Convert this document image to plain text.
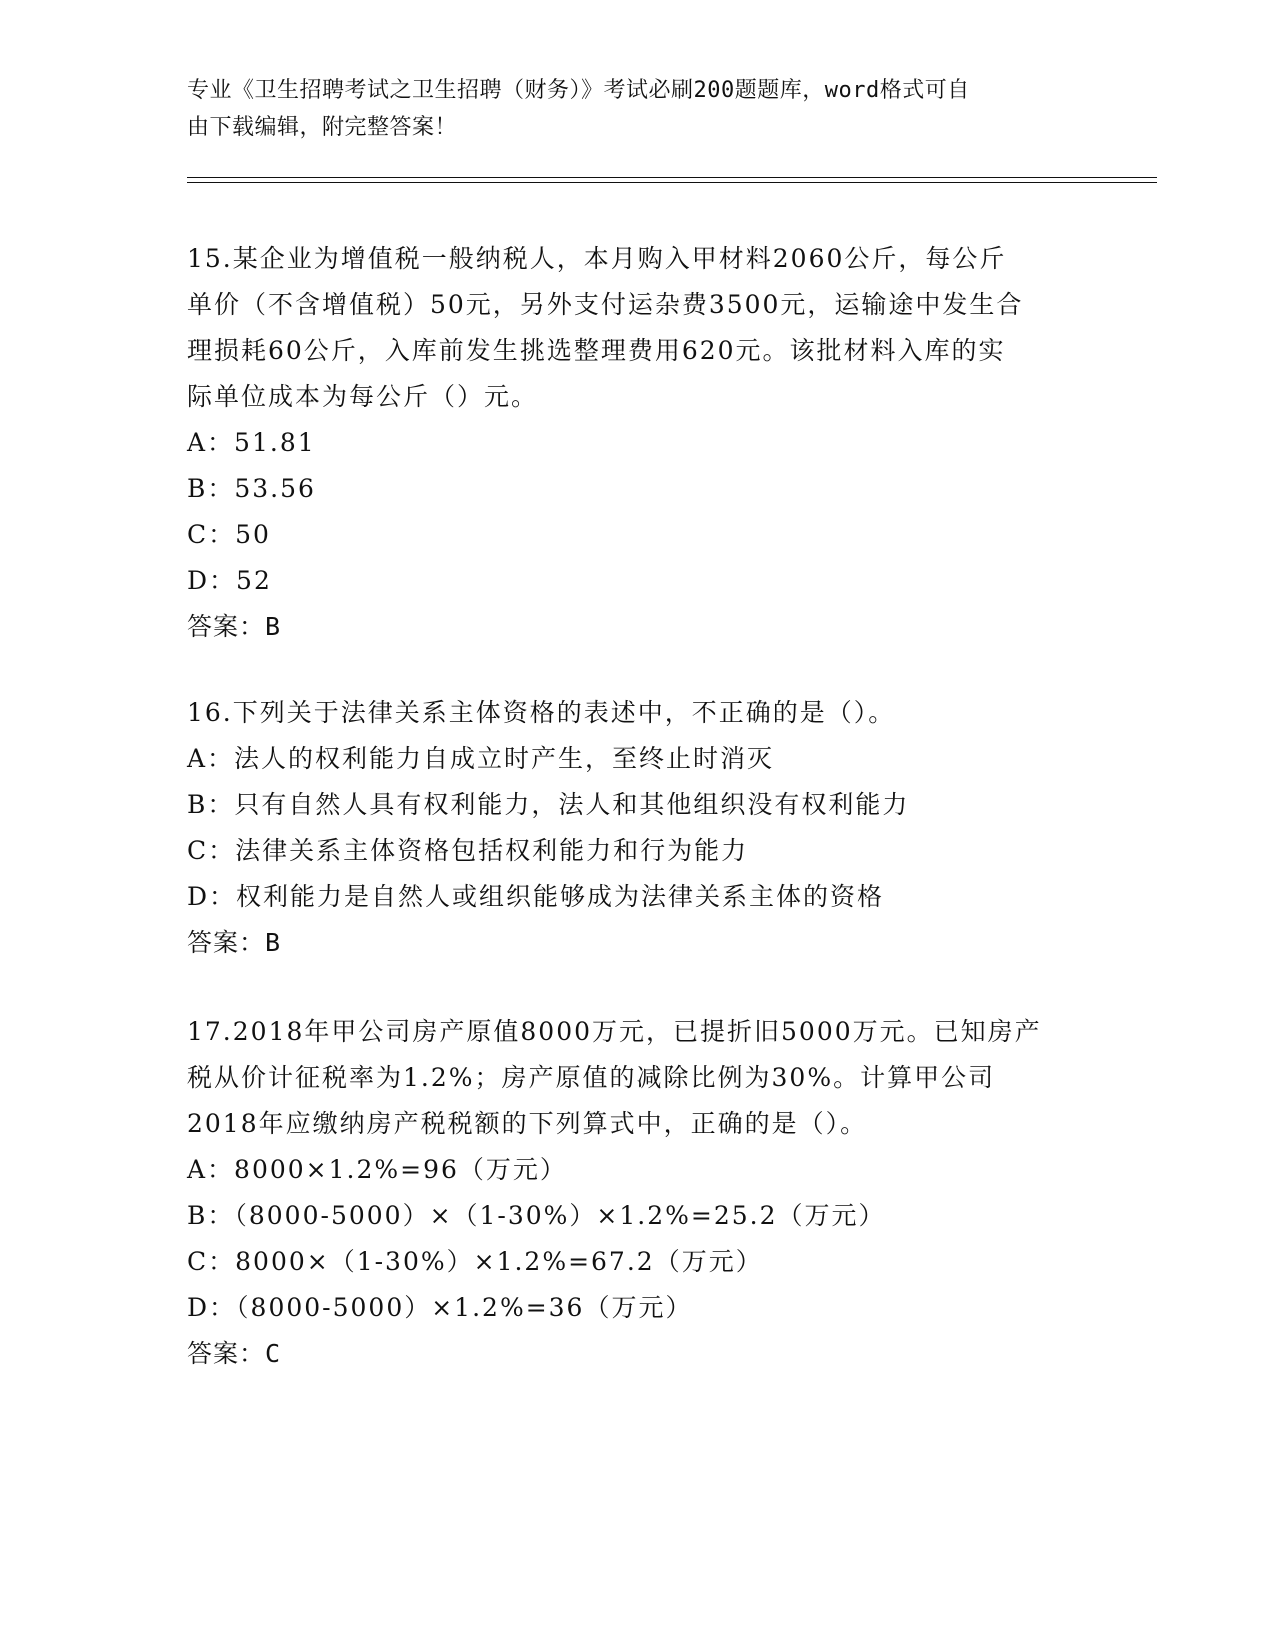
专业《卫生招聘考试之卫生招聘（财务）》考试必刷200题题库，word格式可自
由下载编辑，附完整答案！

15.某企业为增值税一般纳税人，本月购入甲材料2060公斤，每公斤

单价（不含增值税）50元，另外支付运杂费3500元，运输途中发生合

理损耗60公斤，入库前发生挑选整理费用620元。该批材料入库的实

际单位成本为每公斤（）元。

A：51.81

B：53.56

C：50

D：52

答案：B

16.下列关于法律关系主体资格的表述中，不正确的是（）。

A：法人的权利能力自成立时产生，至终止时消灭

B：只有自然人具有权利能力，法人和其他组织没有权利能力

C：法律关系主体资格包括权利能力和行为能力

D：权利能力是自然人或组织能够成为法律关系主体的资格

答案：B

17.2018年甲公司房产原值8000万元，已提折旧5000万元。已知房产

税从价计征税率为1.2%；房产原值的减除比例为30%。计算甲公司

2018年应缴纳房产税税额的下列算式中，正确的是（）。

A：8000×1.2%=96（万元）

B：（8000-5000）×（1-30%）×1.2%=25.2（万元）

C：8000×（1-30%）×1.2%=67.2（万元）

D：（8000-5000）×1.2%=36（万元）

答案：C
